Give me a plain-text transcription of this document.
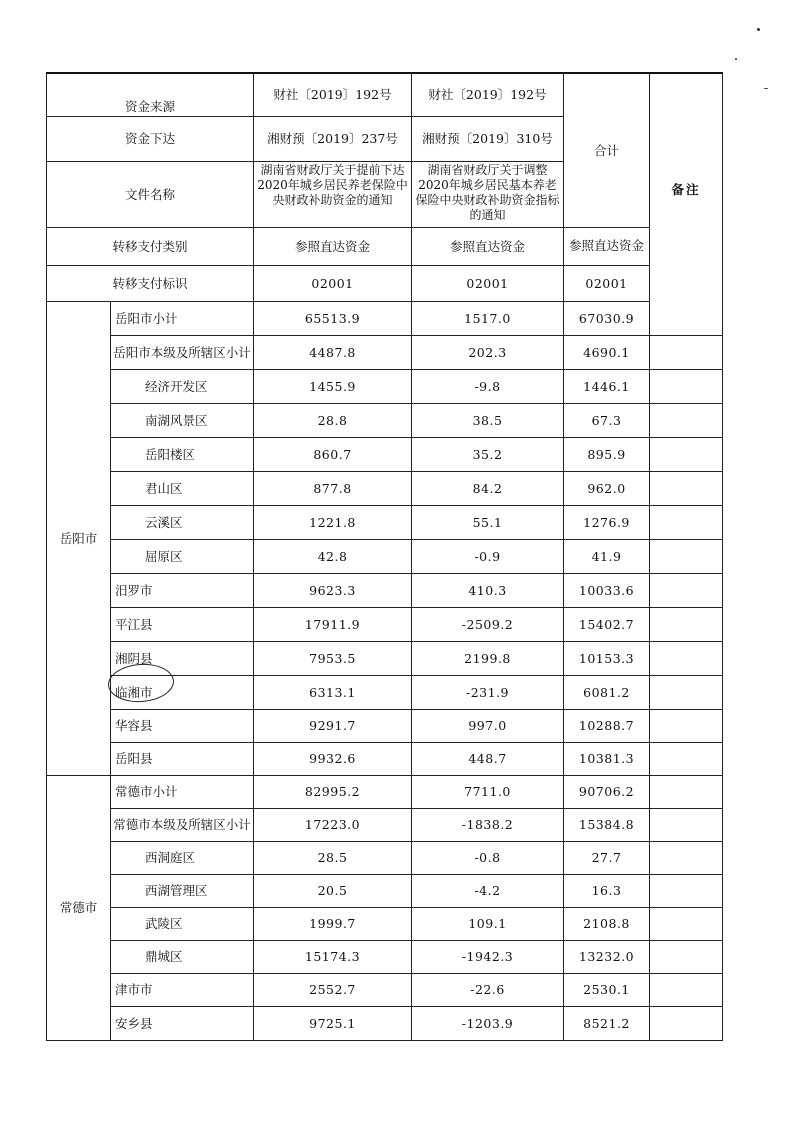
资金来源		财社〔2019〕192号	财社〔2019〕192号	合计	备注
资金下达		湘财预〔2019〕237号	湘财预〔2019〕310号		
文件名称		湖南省财政厅关于提前下达2020年城乡居民养老保险中央财政补助资金的通知	湖南省财政厅关于调整2020年城乡居民基本养老保险中央财政补助资金指标的通知		

转移支付类别		参照直达资金	参照直达资金	参照直达资金	
转移支付标识		02001	02001	02001	
岳阳市	岳阳市小计	65513.9	1517.0	67030.9	
	岳阳市本级及所辖区小计	4487.8	202.3	4690.1	
	经济开发区	1455.9	-9.8	1446.1	
	南湖风景区	28.8	38.5	67.3	
	岳阳楼区	860.7	35.2	895.9	
	君山区	877.8	84.2	962.0	
	云溪区	1221.8	55.1	1276.9	
	屈原区	42.8	-0.9	41.9	
	汨罗市	9623.3	410.3	10033.6	
	平江县	17911.9	-2509.2	15402.7	
	湘阴县	7953.5	2199.8	10153.3	
	临湘市	6313.1	-231.9	6081.2	
	华容县	9291.7	997.0	10288.7	
	岳阳县	9932.6	448.7	10381.3	
常德市	常德市小计	82995.2	7711.0	90706.2	
	常德市本级及所辖区小计	17223.0	-1838.2	15384.8	
	西洞庭区	28.5	-0.8	27.7	
	西湖管理区	20.5	-4.2	16.3	
	武陵区	1999.7	109.1	2108.8	
	鼎城区	15174.3	-1942.3	13232.0	
	津市市	2552.7	-22.6	2530.1	
	安乡县	9725.1	-1203.9	8521.2	
